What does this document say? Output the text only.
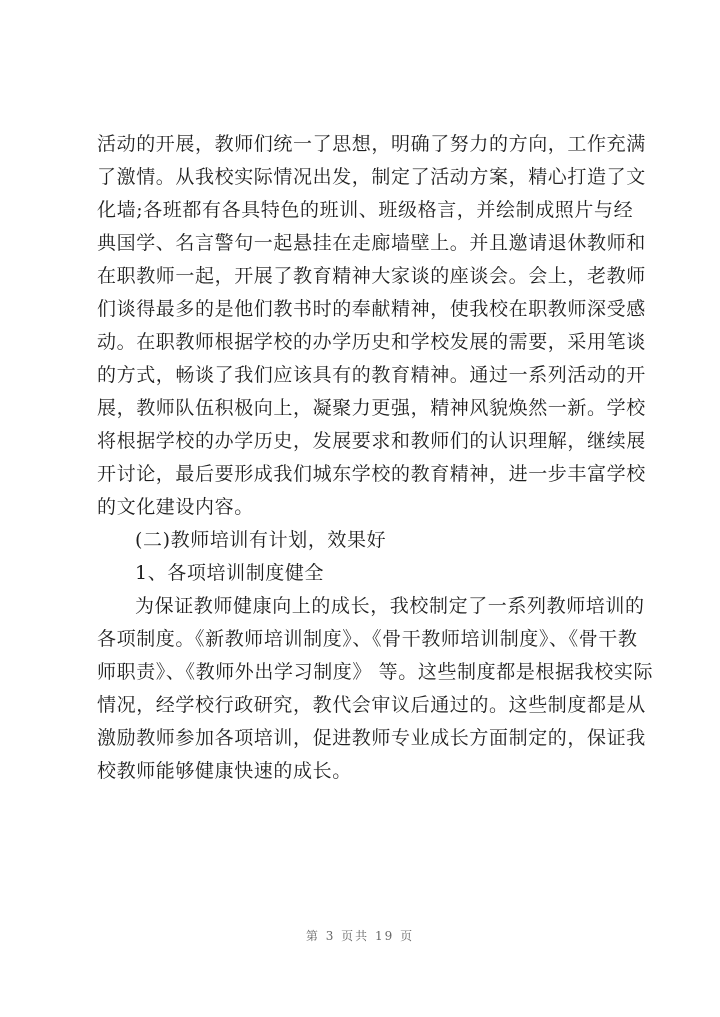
活动的开展，教师们统一了思想，明确了努力的方向，工作充满
了激情。从我校实际情况出发，制定了活动方案，精心打造了文
化墙;各班都有各具特色的班训、班级格言，并绘制成照片与经
典国学、名言警句一起悬挂在走廊墙壁上。并且邀请退休教师和
在职教师一起，开展了教育精神大家谈的座谈会。会上，老教师
们谈得最多的是他们教书时的奉献精神，使我校在职教师深受感
动。在职教师根据学校的办学历史和学校发展的需要，采用笔谈
的方式，畅谈了我们应该具有的教育精神。通过一系列活动的开
展，教师队伍积极向上，凝聚力更强，精神风貌焕然一新。学校
将根据学校的办学历史，发展要求和教师们的认识理解，继续展
开讨论，最后要形成我们城东学校的教育精神，进一步丰富学校
的文化建设内容。
(二)教师培训有计划，效果好
1、各项培训制度健全
为保证教师健康向上的成长，我校制定了一系列教师培训的
各项制度。《新教师培训制度》、《骨干教师培训制度》、《骨干教
师职责》、《教师外出学习制度》 等。这些制度都是根据我校实际
情况，经学校行政研究，教代会审议后通过的。这些制度都是从
激励教师参加各项培训，促进教师专业成长方面制定的，保证我
校教师能够健康快速的成长。
第 3 页共 19 页
